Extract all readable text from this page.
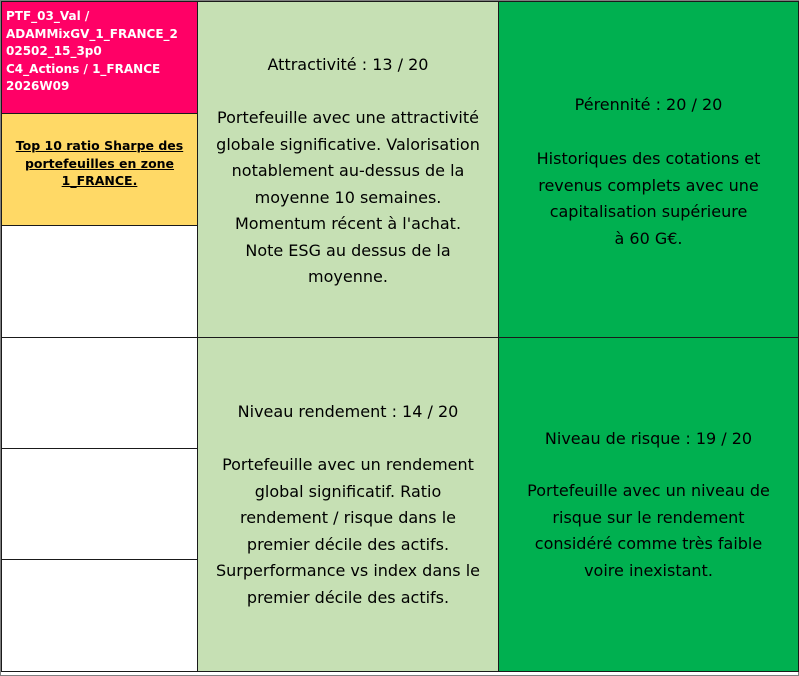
PTF_03_Val /
ADAMMixGV_1_FRANCE_2
02502_15_3p0
C4_Actions / 1_FRANCE
2026W09
Top 10 ratio Sharpe des portefeuilles en zone 1_FRANCE.
Attractivité : 13 / 20
Portefeuille avec une attractivité
globale significative. Valorisation
notablement au-dessus de la
moyenne 10 semaines.
Momentum récent à l'achat.
Note ESG au dessus de la
moyenne.
Pérennité : 20 / 20
Historiques des cotations et
revenus complets avec une
capitalisation supérieure
à 60 G€.
Niveau rendement : 14 / 20
Portefeuille avec un rendement
global significatif. Ratio
rendement / risque dans le
premier décile des actifs.
Surperformance vs index dans le
premier décile des actifs.
Niveau de risque : 19 / 20
Portefeuille avec un niveau de
risque sur le rendement
considéré comme très faible
voire inexistant.
